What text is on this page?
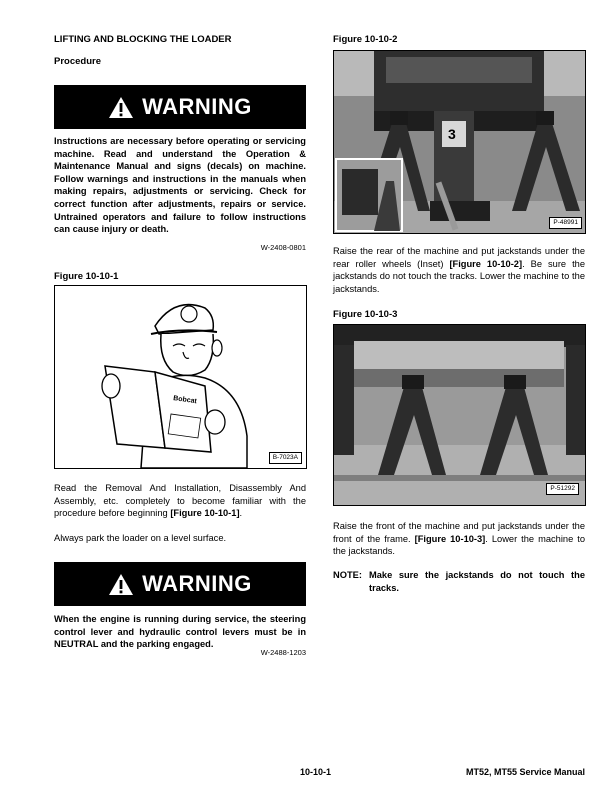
LIFTING AND BLOCKING THE LOADER
Procedure
WARNING
Instructions are necessary before operating or servicing machine. Read and understand the Operation & Maintenance Manual and signs (decals) on machine. Follow warnings and instructions in the manuals when making repairs, adjustments or servicing. Check for correct function after adjustments, repairs or service. Untrained operators and failure to follow instructions can cause injury or death.
W-2408-0801
Figure 10-10-1
Bobcat
B-7023A
Read the Removal And Installation, Disassembly And Assembly, etc. completely to become familiar with the procedure before beginning [Figure 10-10-1].
Always park the loader on a level surface.
WARNING
When the engine is running during service, the steering control lever and hydraulic control levers must be in NEUTRAL and the parking engaged.
W-2488-1203
Figure 10-10-2
3
P-48991
Raise the rear of the machine and put jackstands under the rear roller wheels (Inset) [Figure 10-10-2]. Be sure the jackstands do not touch the tracks. Lower the machine to the jackstands.
Figure 10-10-3
P-51292
Raise the front of the machine and put jackstands under the front of the frame. [Figure 10-10-3]. Lower the machine to the jackstands.
NOTE: Make sure the jackstands do not touch the tracks.
10-10-1	MT52, MT55 Service Manual
